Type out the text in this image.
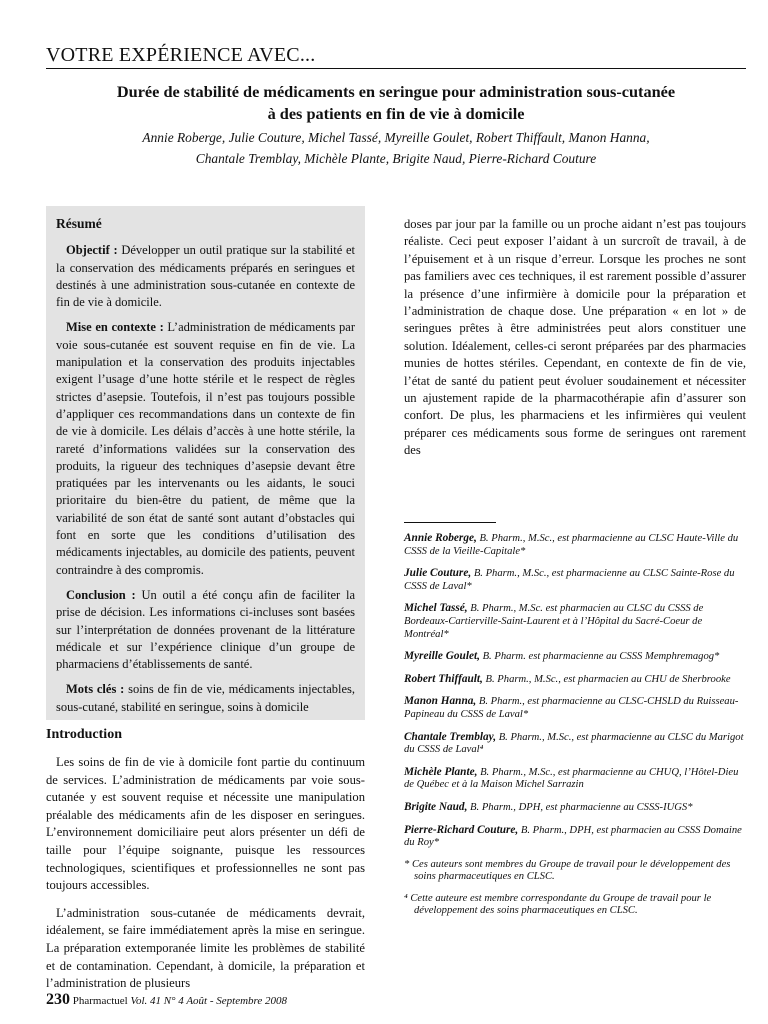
VOTRE EXPÉRIENCE AVEC...
Durée de stabilité de médicaments en seringue pour administration sous-cutanée
à des patients en fin de vie à domicile
Annie Roberge, Julie Couture, Michel Tassé, Myreille Goulet, Robert Thiffault, Manon Hanna,
Chantale Tremblay, Michèle Plante, Brigite Naud, Pierre-Richard Couture
Résumé

Objectif : Développer un outil pratique sur la stabilité et la conservation des médicaments préparés en seringues et destinés à une administration sous-cutanée en contexte de fin de vie à domicile.

Mise en contexte : L’administration de médicaments par voie sous-cutanée est souvent requise en fin de vie. La manipulation et la conservation des produits injectables exigent l’usage d’une hotte stérile et le respect de règles strictes d’asepsie. Toutefois, il n’est pas toujours possible d’appliquer ces recommandations dans un contexte de fin de vie à domicile. Les délais d’accès à une hotte stérile, la rareté d’informations validées sur la conservation des produits, la rigueur des techniques d’asepsie devant être pratiquées par les intervenants ou les aidants, le souci prioritaire du bien-être du patient, de même que la variabilité de son état de santé sont autant d’obstacles qui font en sorte que les conditions d’utilisation des médicaments injectables, au domicile des patients, peuvent contraindre à des compromis.

Conclusion : Un outil a été conçu afin de faciliter la prise de décision. Les informations ci-incluses sont basées sur l’interprétation de données provenant de la littérature médicale et sur l’expérience clinique d’un groupe de pharmaciens d’établissements de santé.

Mots clés : soins de fin de vie, médicaments injectables, sous-cutané, stabilité en seringue, soins à domicile

Introduction

Les soins de fin de vie à domicile font partie du continuum de services. L’administration de médicaments par voie sous-cutanée y est souvent requise et nécessite une manipulation préalable des médicaments afin de les disposer en seringues. L’environnement domiciliaire peut alors présenter un défi de taille pour l’équipe soignante, puisque les ressources technologiques, scientifiques et professionnelles ne sont pas toujours accessibles.

L’administration sous-cutanée de médicaments devrait, idéalement, se faire immédiatement après la mise en seringue. La préparation extemporanée limite les problèmes de stabilité et de contamination. Cependant, à domicile, la préparation et l’administration de plusieurs

doses par jour par la famille ou un proche aidant n’est pas toujours réaliste. Ceci peut exposer l’aidant à un surcroît de travail, à de l’épuisement et à un risque d’erreur. Lorsque les proches ne sont pas familiers avec ces techniques, il est rarement possible d’assurer la présence d’une infirmière à domicile pour la préparation et l’administration de chaque dose. Une préparation « en lot » de seringues prêtes à être administrées peut alors constituer une solution. Idéalement, celles-ci seront préparées par des pharmacies munies de hottes stériles. Cependant, en contexte de fin de vie, l’état de santé du patient peut évoluer soudainement et nécessiter un ajustement rapide de la pharmacothérapie afin d’assurer son confort. De plus, les pharmaciens et les infirmières qui veulent préparer ces médicaments sous forme de seringues ont rarement des
Annie Roberge, B. Pharm., M.Sc., est pharmacienne au CLSC Haute-Ville du CSSS de la Vieille-Capitale*
Julie Couture, B. Pharm., M.Sc., est pharmacienne au CLSC Sainte-Rose du CSSS de Laval*
Michel Tassé, B. Pharm., M.Sc. est pharmacien au CLSC du CSSS de Bordeaux-Cartierville-Saint-Laurent et à l’Hôpital du Sacré-Coeur de Montréal*
Myreille Goulet, B. Pharm. est pharmacienne au CSSS Memphremagog*
Robert Thiffault, B. Pharm., M.Sc., est pharmacien au CHU de Sherbrooke
Manon Hanna, B. Pharm., est pharmacienne au CLSC-CHSLD du Ruisseau-Papineau du CSSS de Laval*
Chantale Tremblay, B. Pharm., M.Sc., est pharmacienne au CLSC du Marigot du CSSS de Laval⁴
Michèle Plante, B. Pharm., M.Sc., est pharmacienne au CHUQ, l’Hôtel-Dieu de Québec et à la Maison Michel Sarrazin
Brigite Naud, B. Pharm., DPH, est pharmacienne au CSSS-IUGS*
Pierre-Richard Couture, B. Pharm., DPH, est pharmacien au CSSS Domaine du Roy*
* Ces auteurs sont membres du Groupe de travail pour le développement des soins pharmaceutiques en CLSC.
⁴ Cette auteure est membre correspondante du Groupe de travail pour le développement des soins pharmaceutiques en CLSC.
230 Pharmactuel Vol. 41 N° 4 Août - Septembre 2008
